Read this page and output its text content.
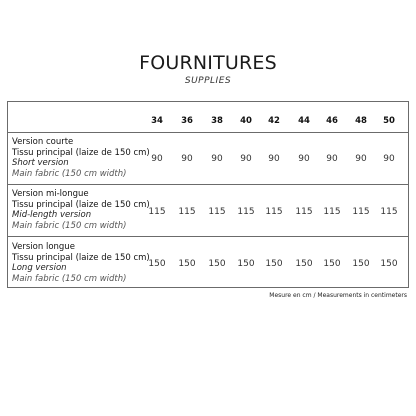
FOURNITURES
SUPPLIES
34	36	38	40	42	44	46	48	50
Version courte
Tissu principal (laize de 150 cm)
Short version
Main fabric (150 cm width)
90	90	90	90	90	90	90	90	90
Version mi-longue
Tissu principal (laize de 150 cm)
Mid-length version
Main fabric (150 cm width)
115	115	115	115	115	115	115	115	115
Version longue
Tissu principal (laize de 150 cm)
Long version
Main fabric (150 cm width)
150	150	150	150	150	150	150	150	150
Mesure en cm / Measurements in centimeters
